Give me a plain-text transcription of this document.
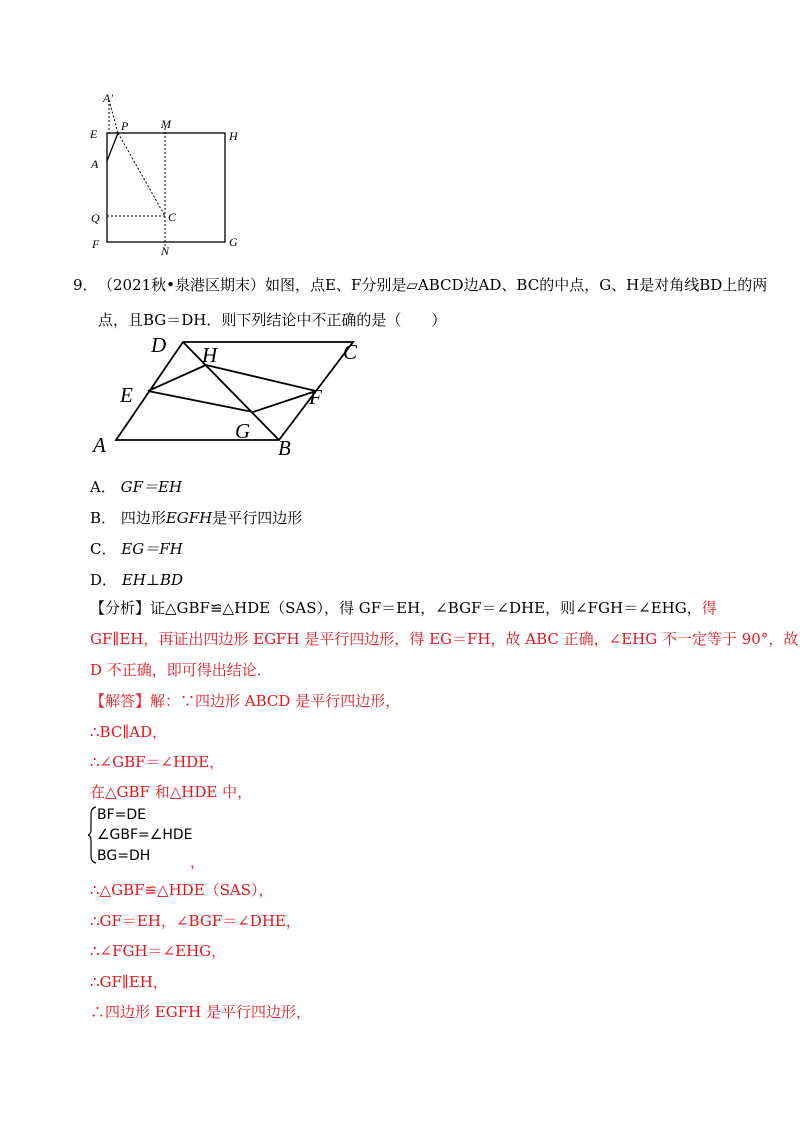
A′
P	M
E	H
A
Q	C
F	N
G
9． （2021秋•泉港区期末）如图，点E、F分别是▱ABCD边AD、BC的中点，G、H是对角线BD上的两
点，且BG＝DH．则下列结论中不正确的是（　　）
D H	C
E	F
G
A	B
A． GF＝EH
B． 四边形EGFH是平行四边形
C． EG＝FH
D． EH⊥BD
【分析】证△GBF≌△HDE（SAS），得 GF＝EH，∠BGF＝∠DHE，则∠FGH＝∠EHG，得
GF∥EH，再证出四边形 EGFH 是平行四边形，得 EG＝FH，故 ABC 正确，∠EHG 不一定等于 90°，故
D 不正确，即可得出结论．
【解答】解：∵四边形 ABCD 是平行四边形，
∴BC∥AD，
∴∠GBF＝∠HDE，
在△GBF 和△HDE 中，
BF=DE
∠GBF=∠HDE
BG=DH	，
∴△GBF≌△HDE（SAS），
∴GF＝EH，∠BGF＝∠DHE，
∴∠FGH＝∠EHG，
∴GF∥EH，
∴四边形 EGFH 是平行四边形，
